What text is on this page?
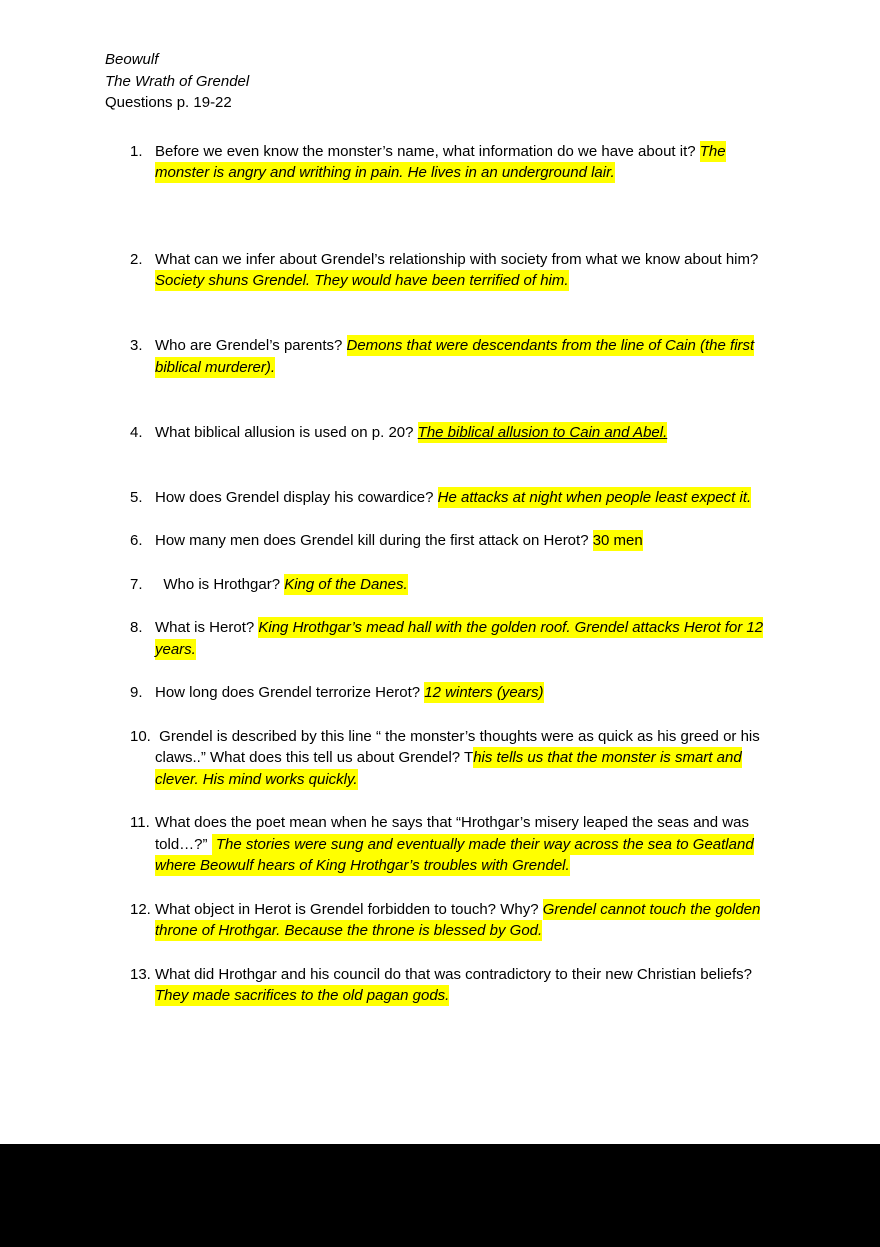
Beowulf

The Wrath of Grendel

Questions p. 19-22

1. Before we even know the monster’s name, what information do we have about it? The monster is angry and writhing in pain. He lives in an underground lair.

2. What can we infer about Grendel’s relationship with society from what we know about him? Society shuns Grendel. They would have been terrified of him.

3. Who are Grendel’s parents? Demons that were descendants from the line of Cain (the first biblical murderer).

4. What biblical allusion is used on p. 20? The biblical allusion to Cain and Abel.

5. How does Grendel display his cowardice? He attacks at night when people least expect it.

6. How many men does Grendel kill during the first attack on Herot? 30 men

7. Who is Hrothgar? King of the Danes.

8. What is Herot? King Hrothgar’s mead hall with the golden roof. Grendel attacks Herot for 12 years.

9. How long does Grendel terrorize Herot? 12 winters (years)

10. Grendel is described by this line “ the monster’s thoughts were as quick as his greed or his claws..” What does this tell us about Grendel? This tells us that the monster is smart and clever. His mind works quickly.

11. What does the poet mean when he says that “Hrothgar’s misery leaped the seas and was told…?”  The stories were sung and eventually made their way across the sea to Geatland where Beowulf hears of King Hrothgar’s troubles with Grendel.

12. What object in Herot is Grendel forbidden to touch? Why? Grendel cannot touch the golden throne of Hrothgar. Because the throne is blessed by God.

13. What did Hrothgar and his council do that was contradictory to their new Christian beliefs? They made sacrifices to the old pagan gods.
